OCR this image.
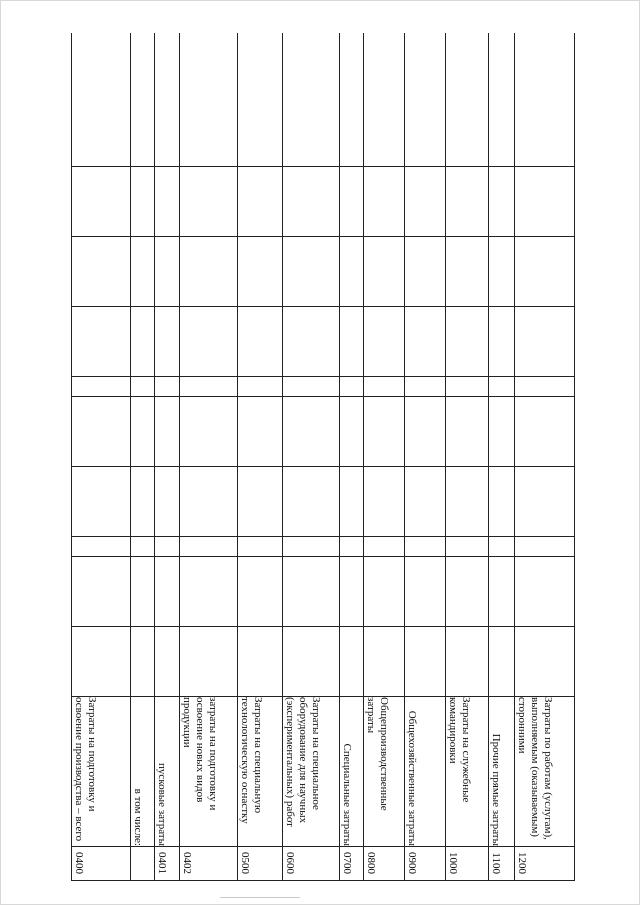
0400	Затраты на подготовку и освоение производства – всего										
	в том числе:										
0401	пусковые затраты										
0402	затраты на подготовку и освоение новых видов продукции										
0500	Затраты на специальную технологическую оснастку										
0600	Затраты на специальное оборудование для научных (экспериментальных) работ										
0700	Специальные затраты										
0800	Общепроизводственные затраты										
0900	Общехозяйственные затраты										
1000	Затраты на служебные командировки										
1100	Прочие прямые затраты										
1200	Затраты по работам (услугам), выполняемым (оказываемым) сторонними										
